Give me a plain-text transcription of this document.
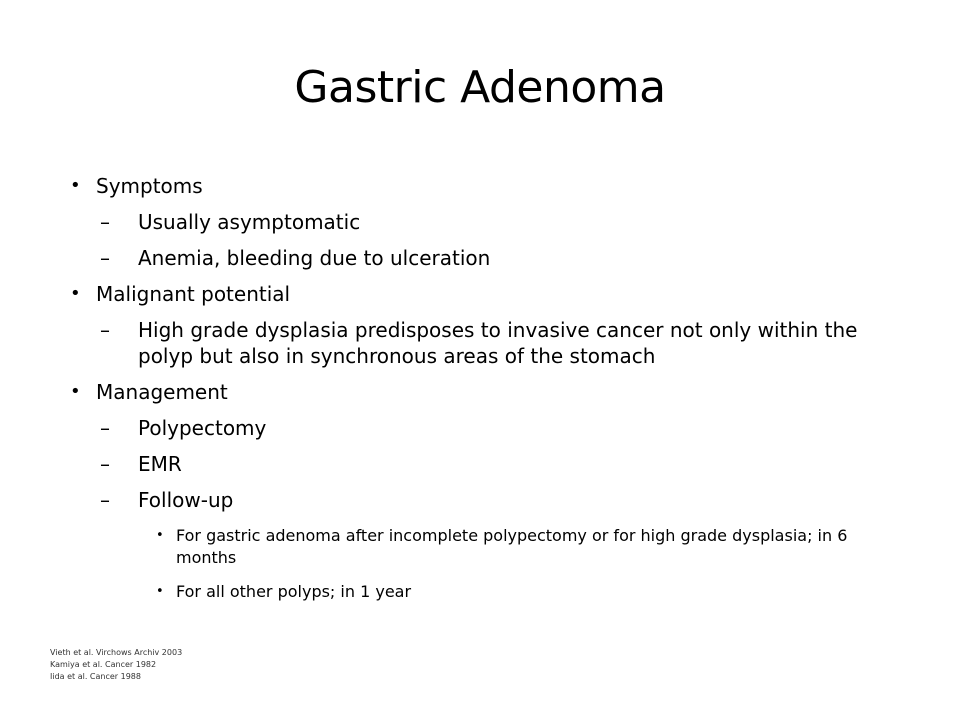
Gastric Adenoma
• Symptoms
– Usually asymptomatic
– Anemia, bleeding due to ulceration
• Malignant potential
– High grade dysplasia predisposes to invasive cancer not only within the polyp but also in synchronous areas of the stomach
• Management
– Polypectomy
– EMR
– Follow-up
• For gastric adenoma after incomplete polypectomy or for high grade dysplasia; in 6 months
• For all other polyps; in 1 year
Vieth et al. Virchows Archiv 2003
Kamiya et al. Cancer 1982
Iida et al. Cancer 1988
